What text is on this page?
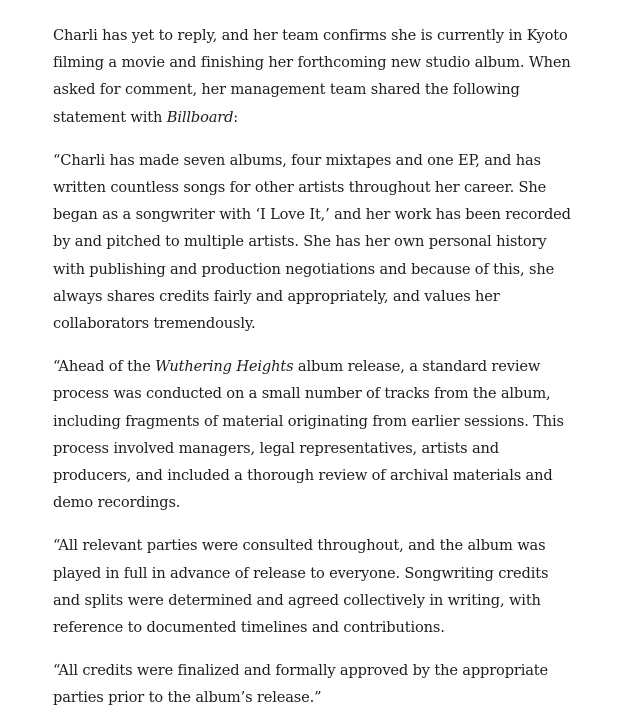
Charli has yet to reply, and her team confirms she is currently in Kyoto filming a movie and finishing her forthcoming new studio album. When asked for comment, her management team shared the following statement with Billboard:

“Charli has made seven albums, four mixtapes and one EP, and has written countless songs for other artists throughout her career. She began as a songwriter with ‘I Love It,’ and her work has been recorded by and pitched to multiple artists. She has her own personal history with publishing and production negotiations and because of this, she always shares credits fairly and appropriately, and values her collaborators tremendously.

“Ahead of the Wuthering Heights album release, a standard review process was conducted on a small number of tracks from the album, including fragments of material originating from earlier sessions. This process involved managers, legal representatives, artists and producers, and included a thorough review of archival materials and demo recordings.

“All relevant parties were consulted throughout, and the album was played in full in advance of release to everyone. Songwriting credits and splits were determined and agreed collectively in writing, with reference to documented timelines and contributions.

“All credits were finalized and formally approved by the appropriate parties prior to the album’s release.”
